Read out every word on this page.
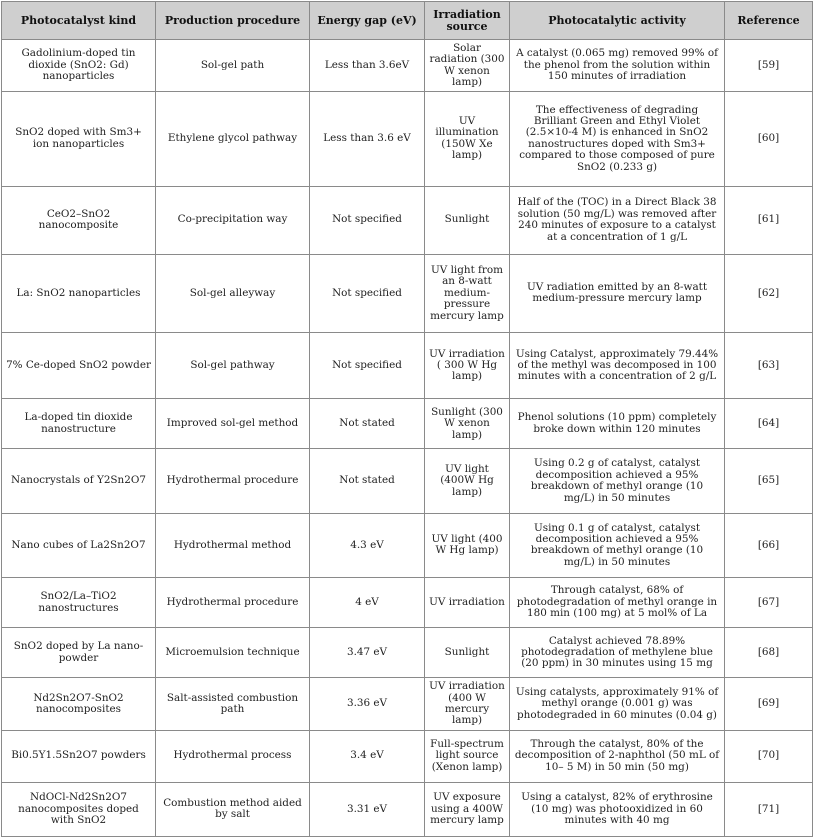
Photocatalyst kind	Production procedure	Energy gap (eV)	Irradiation source	Photocatalytic activity	Reference
Gadolinium-doped tin dioxide (SnO2: Gd) nanoparticles	Sol-gel path	Less than 3.6eV	Solar radiation (300 W xenon lamp)	A catalyst (0.065 mg) removed 99% of the phenol from the solution within 150 minutes of irradiation	[59]
SnO2 doped with Sm3+ ion nanoparticles	Ethylene glycol pathway	Less than 3.6 eV	UV illumination (150W Xe lamp)	The effectiveness of degrading Brilliant Green and Ethyl Violet (2.5×10-4 M) is enhanced in SnO2 nanostructures doped with Sm3+ compared to those composed of pure SnO2 (0.233 g)	[60]
CeO2–SnO2 nanocomposite	Co-precipitation way	Not specified	Sunlight	Half of the (TOC) in a Direct Black 38 solution (50 mg/L) was removed after 240 minutes of exposure to a catalyst at a concentration of 1 g/L	[61]
La: SnO2 nanoparticles	Sol-gel alleyway	Not specified	UV light from an 8-watt medium-pressure mercury lamp	UV radiation emitted by an 8-watt medium-pressure mercury lamp	[62]
7% Ce-doped SnO2 powder	Sol-gel pathway	Not specified	UV irradiation ( 300 W Hg lamp)	Using Catalyst, approximately 79.44% of the methyl was decomposed in 100 minutes with a concentration of 2 g/L	[63]
La-doped tin dioxide nanostructure	Improved sol-gel method	Not stated	Sunlight (300 W xenon lamp)	Phenol solutions (10 ppm) completely broke down within 120 minutes	[64]
Nanocrystals of Y2Sn2O7	Hydrothermal procedure	Not stated	UV light (400W Hg lamp)	Using 0.2 g of catalyst, catalyst decomposition achieved a 95% breakdown of methyl orange (10 mg/L) in 50 minutes	[65]
Nano cubes of La2Sn2O7	Hydrothermal method	4.3 eV	UV light (400 W Hg lamp)	Using 0.1 g of catalyst, catalyst decomposition achieved a 95% breakdown of methyl orange (10 mg/L) in 50 minutes	[66]
SnO2/La–TiO2 nanostructures	Hydrothermal procedure	4 eV	UV irradiation	Through catalyst, 68% of photodegradation of methyl orange in 180 min (100 mg) at 5 mol% of La	[67]
SnO2 doped by La nano-powder	Microemulsion technique	3.47 eV	Sunlight	Catalyst achieved 78.89% photodegradation of methylene blue (20 ppm) in 30 minutes using 15 mg	[68]
Nd2Sn2O7-SnO2 nanocomposites	Salt-assisted combustion path	3.36 eV	UV irradiation (400 W mercury lamp)	Using catalysts, approximately 91% of methyl orange (0.001 g) was photodegraded in 60 minutes (0.04 g)	[69]
Bi0.5Y1.5Sn2O7 powders	Hydrothermal process	3.4 eV	Full-spectrum light source (Xenon lamp)	Through the catalyst, 80% of the decomposition of 2-naphthol (50 mL of 10– 5 M) in 50 min (50 mg)	[70]
NdOCl-Nd2Sn2O7 nanocomposites doped with SnO2	Combustion method aided by salt	3.31 eV	UV exposure using a 400W mercury lamp	Using a catalyst, 82% of erythrosine (10 mg) was photooxidized in 60 minutes with 40 mg	[71]
